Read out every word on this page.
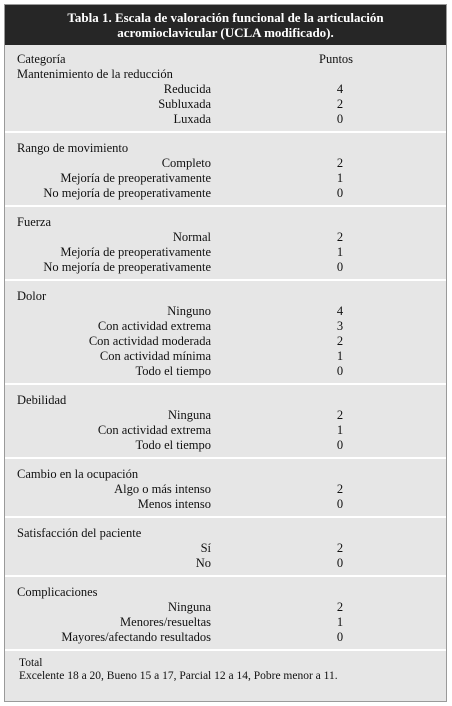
Tabla 1. Escala de valoración funcional de la articulación
acromioclavicular (UCLA modificado).
Categoría	Puntos
Mantenimiento de la reducción
Reducida	4
Subluxada	2
Luxada	0
Rango de movimiento
Completo	2
Mejoría de preoperativamente	1
No mejoría de preoperativamente	0
Fuerza
Normal	2
Mejoría de preoperativamente	1
No mejoría de preoperativamente	0
Dolor
Ninguno	4
Con actividad extrema	3
Con actividad moderada	2
Con actividad mínima	1
Todo el tiempo	0
Debilidad
Ninguna	2
Con actividad extrema	1
Todo el tiempo	0
Cambio en la ocupación
Algo o más intenso	2
Menos intenso	0
Satisfacción del paciente
Sí	2
No	0
Complicaciones
Ninguna	2
Menores/resueltas	1
Mayores/afectando resultados	0
Total
Excelente 18 a 20, Bueno 15 a 17, Parcial 12 a 14, Pobre menor a 11.
